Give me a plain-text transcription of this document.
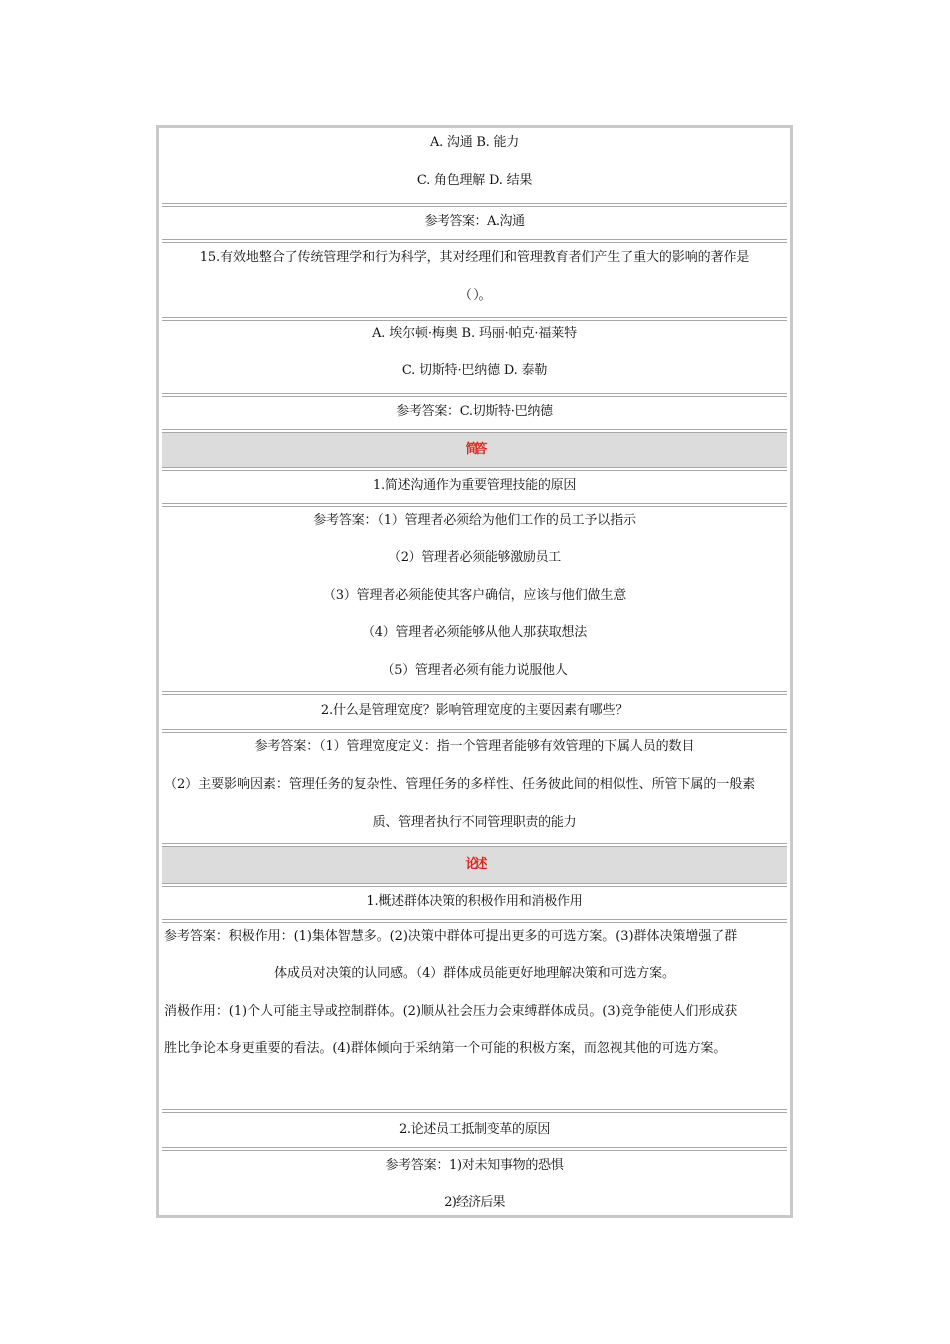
A. 沟通 B. 能力
C. 角色理解 D. 结果
参考答案：A.沟通
15.有效地整合了传统管理学和行为科学，其对经理们和管理教育者们产生了重大的影响的著作是
（ ）。
A. 埃尔顿·梅奥 B. 玛丽·帕克·福莱特
C. 切斯特·巴纳德 D. 泰勒
参考答案：C.切斯特·巴纳德
简答
1.简述沟通作为重要管理技能的原因
参考答案：（1）管理者必须给为他们工作的员工予以指示
（2）管理者必须能够激励员工
（3）管理者必须能使其客户确信，应该与他们做生意
（4）管理者必须能够从他人那获取想法
（5）管理者必须有能力说服他人
2.什么是管理宽度？影响管理宽度的主要因素有哪些？
参考答案：（1）管理宽度定义：指一个管理者能够有效管理的下属人员的数目
（2）主要影响因素：管理任务的复杂性、管理任务的多样性、任务彼此间的相似性、所管下属的一般素
质、管理者执行不同管理职责的能力
论述
1.概述群体决策的积极作用和消极作用
参考答案：积极作用：(1)集体智慧多。(2)决策中群体可提出更多的可选方案。(3)群体决策增强了群
体成员对决策的认同感。（4）群体成员能更好地理解决策和可选方案。
消极作用：(1)个人可能主导或控制群体。(2)顺从社会压力会束缚群体成员。(3)竞争能使人们形成获
胜比争论本身更重要的看法。(4)群体倾向于采纳第一个可能的积极方案，而忽视其他的可选方案。
2.论述员工抵制变革的原因
参考答案：1)对未知事物的恐惧
2)经济后果
